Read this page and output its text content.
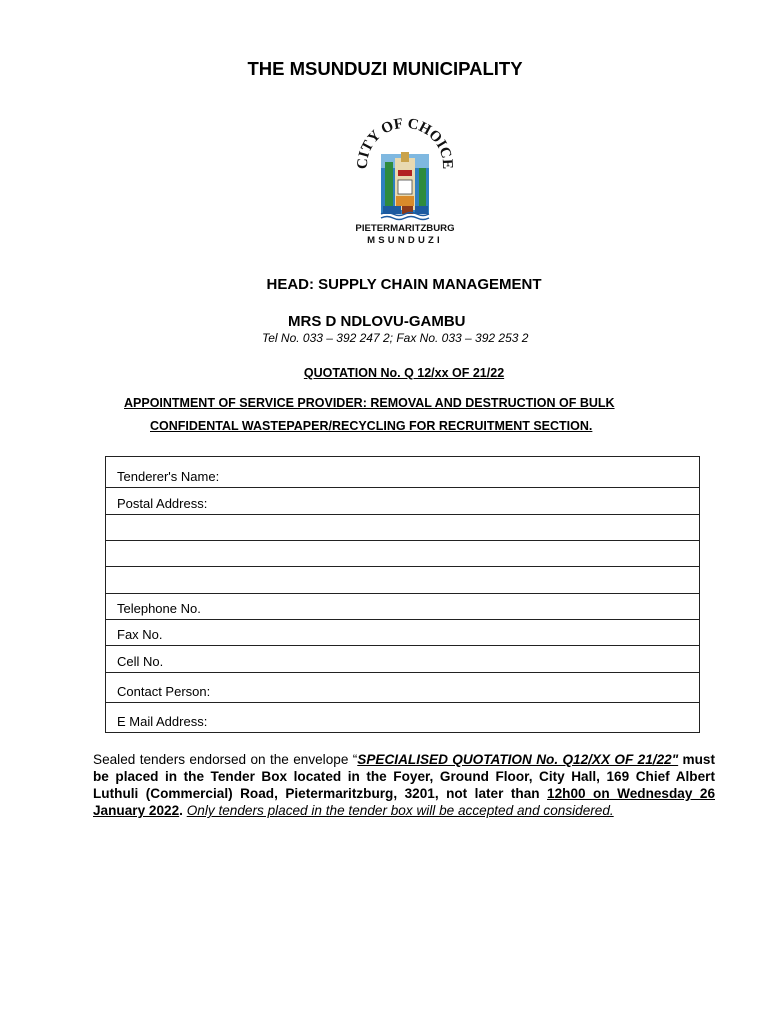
THE MSUNDUZI MUNICIPALITY
CITY OF CHOICE
PIETERMARITZBURG
MSUNDUZI
HEAD: SUPPLY CHAIN MANAGEMENT
MRS D NDLOVU-GAMBU
Tel No. 033 – 392 247 2; Fax No. 033 – 392 253 2
QUOTATION No. Q 12/xx OF 21/22
APPOINTMENT OF SERVICE PROVIDER: REMOVAL AND DESTRUCTION OF BULK
CONFIDENTAL WASTEPAPER/RECYCLING FOR RECRUITMENT SECTION.
Tenderer's Name:
Postal Address:

Telephone No.
Fax No.
Cell No.
Contact Person:
E Mail Address:
Sealed tenders endorsed on the envelope “SPECIALISED QUOTATION No. Q12/XX OF 21/22" must be placed in the Tender Box located in the Foyer, Ground Floor, City Hall, 169 Chief Albert Luthuli (Commercial) Road, Pietermaritzburg, 3201, not later than 12h00 on Wednesday 26 January 2022. Only tenders placed in the tender box will be accepted and considered.
